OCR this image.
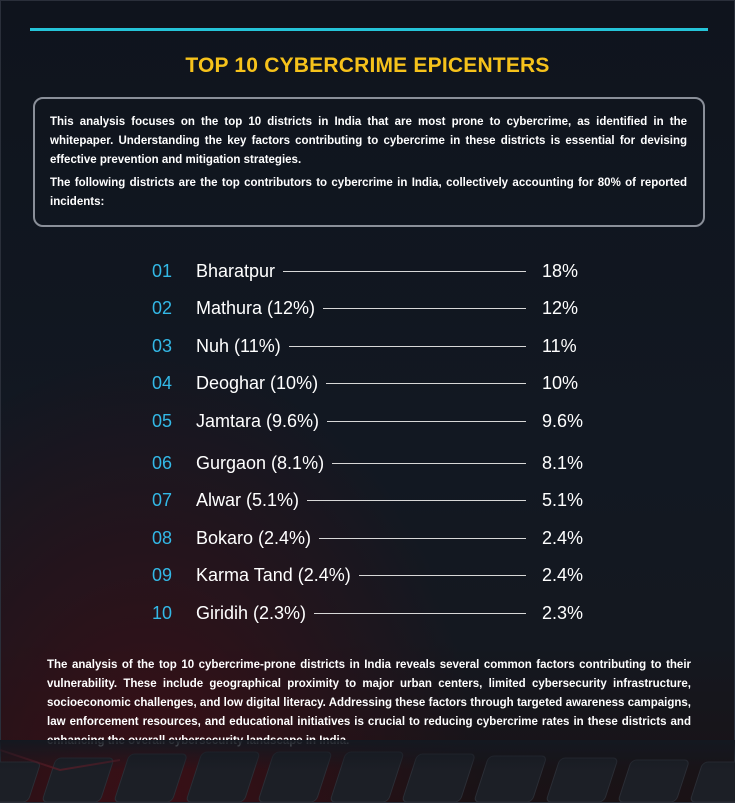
TOP 10 CYBERCRIME EPICENTERS

This analysis focuses on the top 10 districts in India that are most prone to cybercrime, as identified in the whitepaper. Understanding the key factors contributing to cybercrime in these districts is essential for devising effective prevention and mitigation strategies.

The following districts are the top contributors to cybercrime in India, collectively accounting for 80% of reported incidents:

01	Bharatpur	18%
02	Mathura (12%)	12%
03	Nuh (11%)	11%
04	Deoghar (10%)	10%
05	Jamtara (9.6%)	9.6%
06	Gurgaon (8.1%)	8.1%
07	Alwar (5.1%)	5.1%
08	Bokaro (2.4%)	2.4%
09	Karma Tand (2.4%)	2.4%
10	Giridih (2.3%)	2.3%

The analysis of the top 10 cybercrime-prone districts in India reveals several common factors contributing to their vulnerability. These include geographical proximity to major urban centers, limited cybersecurity infrastructure, socioeconomic challenges, and low digital literacy. Addressing these factors through targeted awareness campaigns, law enforcement resources, and educational initiatives is crucial to reducing cybercrime rates in these districts and
